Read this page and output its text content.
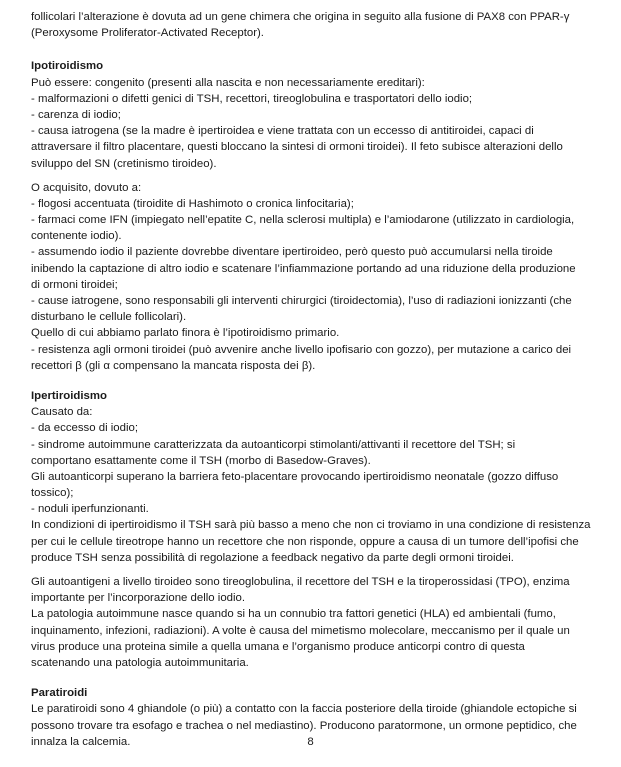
follicolari l’alterazione è dovuta ad un gene chimera che origina in seguito alla fusione di PAX8 con PPAR-γ
(Peroxysome Proliferator-Activated Receptor).
Ipotiroidismo
Può essere: congenito (presenti alla nascita e non necessariamente ereditari):
- malformazioni o difetti genici di TSH, recettori, tireoglobulina e trasportatori dello iodio;
- carenza di iodio;
- causa iatrogena (se la madre è ipertiroidea e viene trattata con un eccesso di antitiroidei, capaci di
attraversare il filtro placentare, questi bloccano la sintesi di ormoni tiroidei). Il feto subisce alterazioni dello
sviluppo del SN (cretinismo tiroideo).
O acquisito, dovuto a:
- flogosi accentuata (tiroidite di Hashimoto o cronica linfocitaria);
- farmaci come IFN (impiegato nell’epatite C, nella sclerosi multipla) e l’amiodarone (utilizzato in cardiologia,
contenente iodio).
- assumendo iodio il paziente dovrebbe diventare ipertiroideo, però questo può accumularsi nella tiroide
inibendo la captazione di altro iodio e scatenare l’infiammazione portando ad una riduzione della produzione
di ormoni tiroidei;
- cause iatrogene, sono responsabili gli interventi chirurgici (tiroidectomia), l’uso di radiazioni ionizzanti (che
disturbano le cellule follicolari).
Quello di cui abbiamo parlato finora è l’ipotiroidismo primario.
- resistenza agli ormoni tiroidei (può avvenire anche livello ipofisario con gozzo), per mutazione a carico dei
recettori β (gli α compensano la mancata risposta dei β).
Ipertiroidismo
Causato da:
- da eccesso di iodio;
- sindrome autoimmune caratterizzata da autoanticorpi stimolanti/attivanti il recettore del TSH; si
comportano esattamente come il TSH (morbo di Basedow-Graves).
Gli autoanticorpi superano la barriera feto-placentare provocando ipertiroidismo neonatale (gozzo diffuso
tossico);
- noduli iperfunzionanti.
In condizioni di ipertiroidismo il TSH sarà più basso a meno che non ci troviamo in una condizione di resistenza
per cui le cellule tireotrope hanno un recettore che non risponde, oppure a causa di un tumore dell’ipofisi che
produce TSH senza possibilità di regolazione a feedback negativo da parte degli ormoni tiroidei.
Gli autoantigeni a livello tiroideo sono tireoglobulina, il recettore del TSH e la tiroperossidasi (TPO), enzima
importante per l’incorporazione dello iodio.
La patologia autoimmune nasce quando si ha un connubio tra fattori genetici (HLA) ed ambientali (fumo,
inquinamento, infezioni, radiazioni). A volte è causa del mimetismo molecolare, meccanismo per il quale un
virus produce una proteina simile a quella umana e l’organismo produce anticorpi contro di questa
scatenando una patologia autoimmunitaria.
Paratiroidi
Le paratiroidi sono 4 ghiandole (o più) a contatto con la faccia posteriore della tiroide (ghiandole ectopiche si
possono trovare tra esofago e trachea o nel mediastino). Producono paratormone, un ormone peptidico, che
innalza la calcemia.	8
